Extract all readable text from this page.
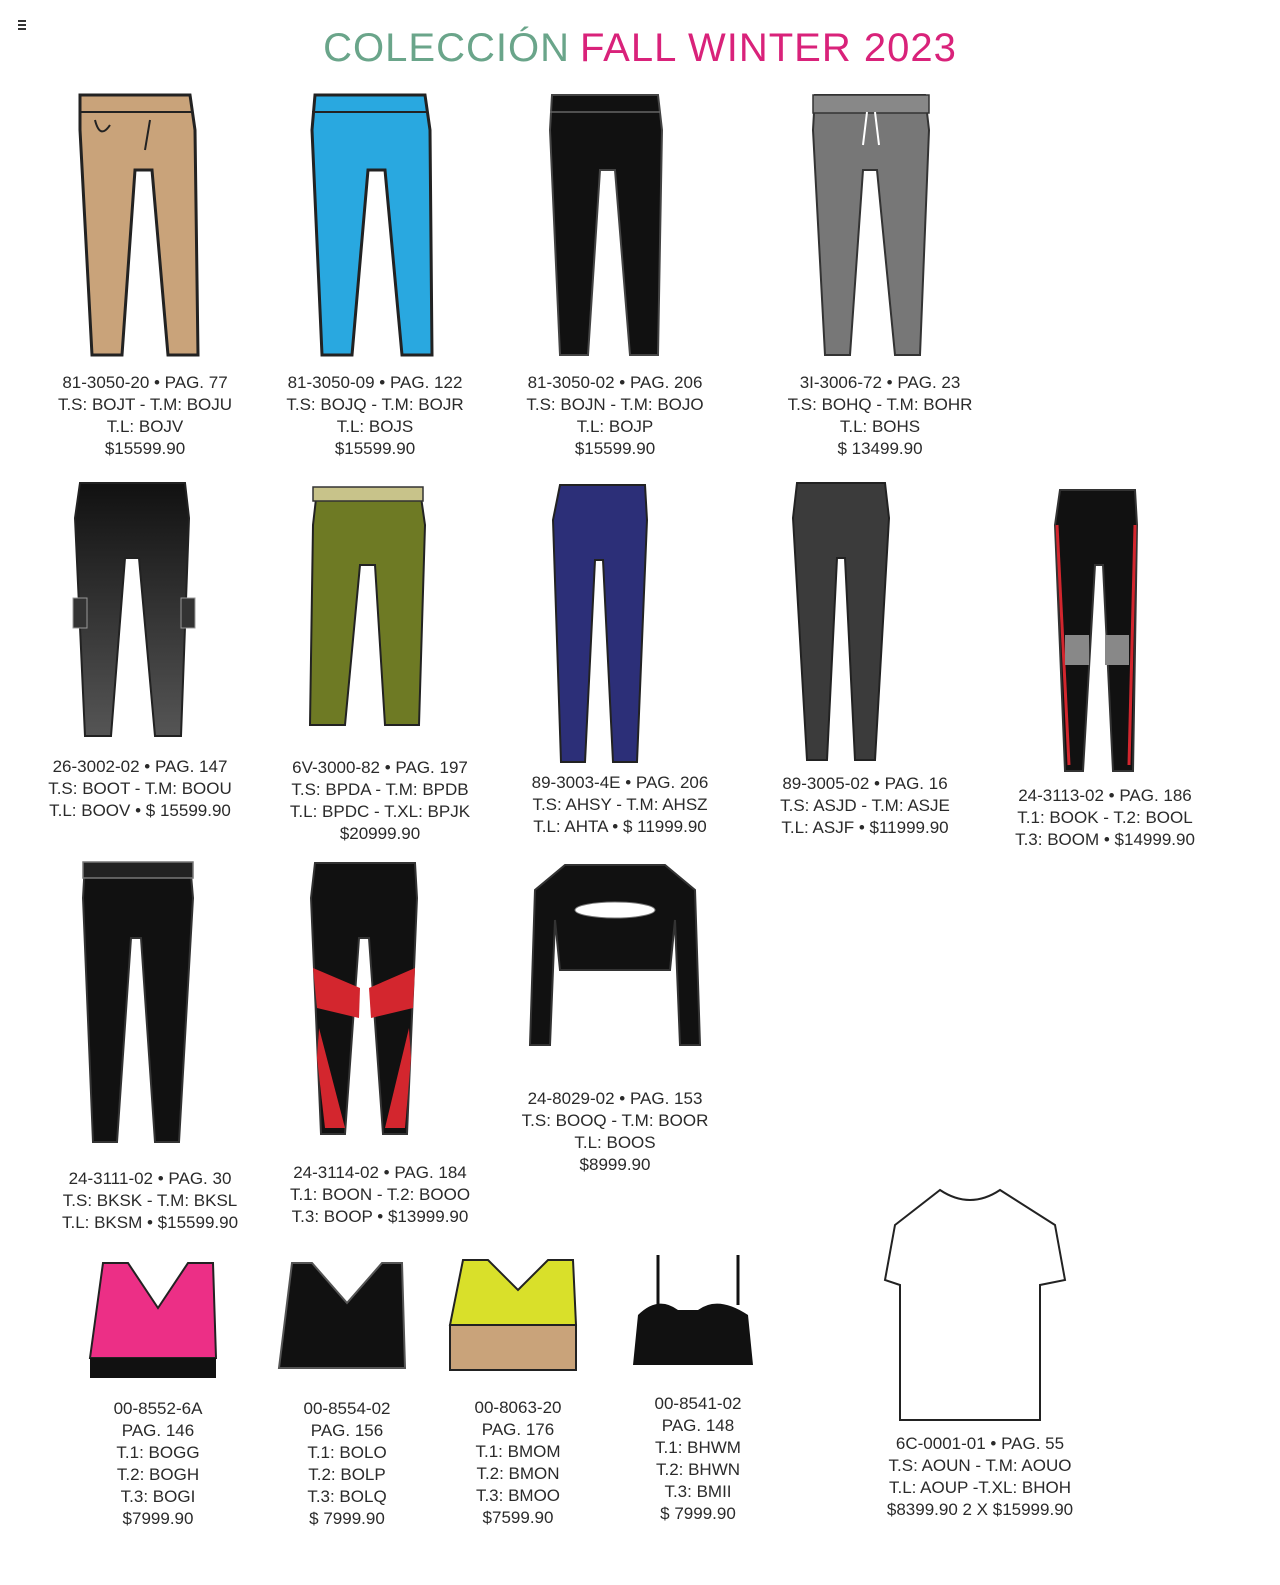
COLECCIÓN FALL WINTER 2023
81-3050-20 • PAG. 77
T.S: BOJT - T.M: BOJU
T.L: BOJV
$15599.90
81-3050-09 • PAG. 122
T.S: BOJQ - T.M: BOJR
T.L: BOJS
$15599.90
81-3050-02 • PAG. 206
T.S: BOJN - T.M: BOJO
T.L: BOJP
$15599.90
3I-3006-72 • PAG. 23
T.S: BOHQ - T.M: BOHR
T.L: BOHS
$ 13499.90
26-3002-02 • PAG. 147
T.S: BOOT - T.M: BOOU
T.L: BOOV • $ 15599.90
6V-3000-82 • PAG. 197
T.S: BPDA - T.M: BPDB
T.L: BPDC - T.XL: BPJK
$20999.90
89-3003-4E • PAG. 206
T.S: AHSY - T.M: AHSZ
T.L: AHTA • $ 11999.90
89-3005-02 • PAG. 16
T.S: ASJD - T.M: ASJE
T.L: ASJF • $11999.90
24-3113-02 • PAG. 186
T.1: BOOK - T.2: BOOL
T.3: BOOM • $14999.90
24-3111-02 • PAG. 30
T.S: BKSK - T.M: BKSL
T.L: BKSM • $15599.90
24-3114-02 • PAG. 184
T.1: BOON - T.2: BOOO
T.3: BOOP • $13999.90
24-8029-02 • PAG. 153
T.S: BOOQ - T.M: BOOR
T.L: BOOS
$8999.90
00-8552-6A
PAG. 146
T.1: BOGG
T.2: BOGH
T.3: BOGI
$7999.90
00-8554-02
PAG. 156
T.1: BOLO
T.2: BOLP
T.3: BOLQ
$ 7999.90
00-8063-20
PAG. 176
T.1: BMOM
T.2: BMON
T.3: BMOO
$7599.90
00-8541-02
PAG. 148
T.1: BHWM
T.2: BHWN
T.3: BMII
$ 7999.90
6C-0001-01 • PAG. 55
T.S: AOUN - T.M: AOUO
T.L: AOUP -T.XL: BHOH
$8399.90 2 X $15999.90
